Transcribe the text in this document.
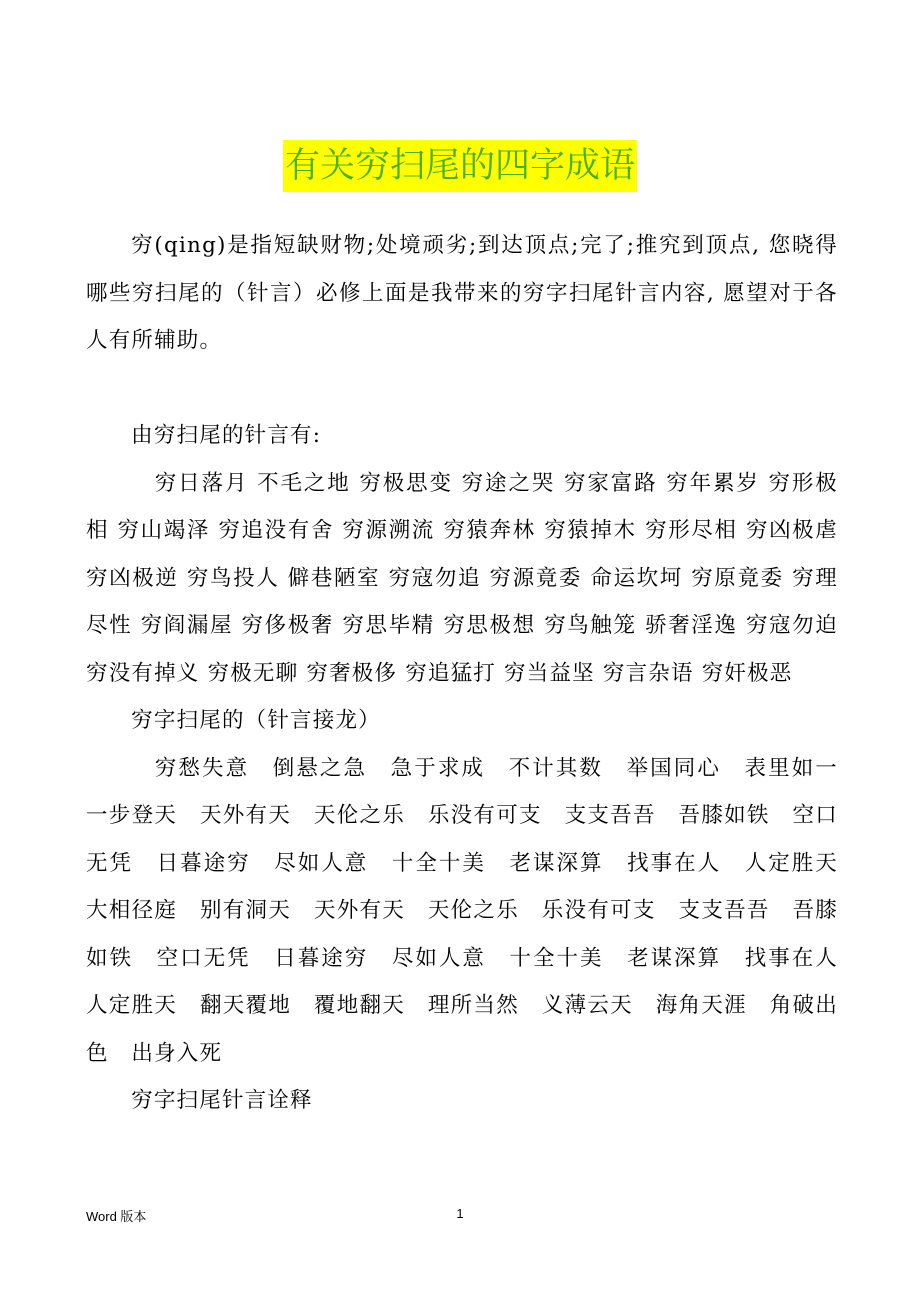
有关穷扫尾的四字成语

穷(qing)是指短缺财物;处境顽劣;到达顶点;完了;推究到顶点, 您晓得哪些穷扫尾的（针言）必修上面是我带来的穷字扫尾针言内容, 愿望对于各人有所辅助。

由穷扫尾的针言有:

穷日落月 不毛之地 穷极思变 穷途之哭 穷家富路 穷年累岁 穷形极相 穷山竭泽 穷追没有舍 穷源溯流 穷猿奔林 穷猿掉木 穷形尽相 穷凶极虐 穷凶极逆 穷鸟投人 僻巷陋室 穷寇勿追 穷源竟委 命运坎坷 穷原竟委 穷理尽性 穷阎漏屋 穷侈极奢 穷思毕精 穷思极想 穷鸟触笼 骄奢淫逸 穷寇勿迫 穷没有掉义 穷极无聊 穷奢极侈 穷追猛打 穷当益坚 穷言杂语 穷奸极恶

穷字扫尾的（针言接龙）

穷愁失意　倒悬之急　急于求成　不计其数　举国同心　表里如一　一步登天　天外有天　天伦之乐　乐没有可支　支支吾吾　吾膝如铁　空口无凭　日暮途穷　尽如人意　十全十美　老谋深算　找事在人　人定胜天　大相径庭　别有洞天　天外有天　天伦之乐　乐没有可支　支支吾吾　吾膝如铁　空口无凭　日暮途穷　尽如人意　十全十美　老谋深算　找事在人　人定胜天　翻天覆地　覆地翻天　理所当然　义薄云天　海角天涯　角破出色　出身入死

穷字扫尾针言诠释

Word 版本	1
